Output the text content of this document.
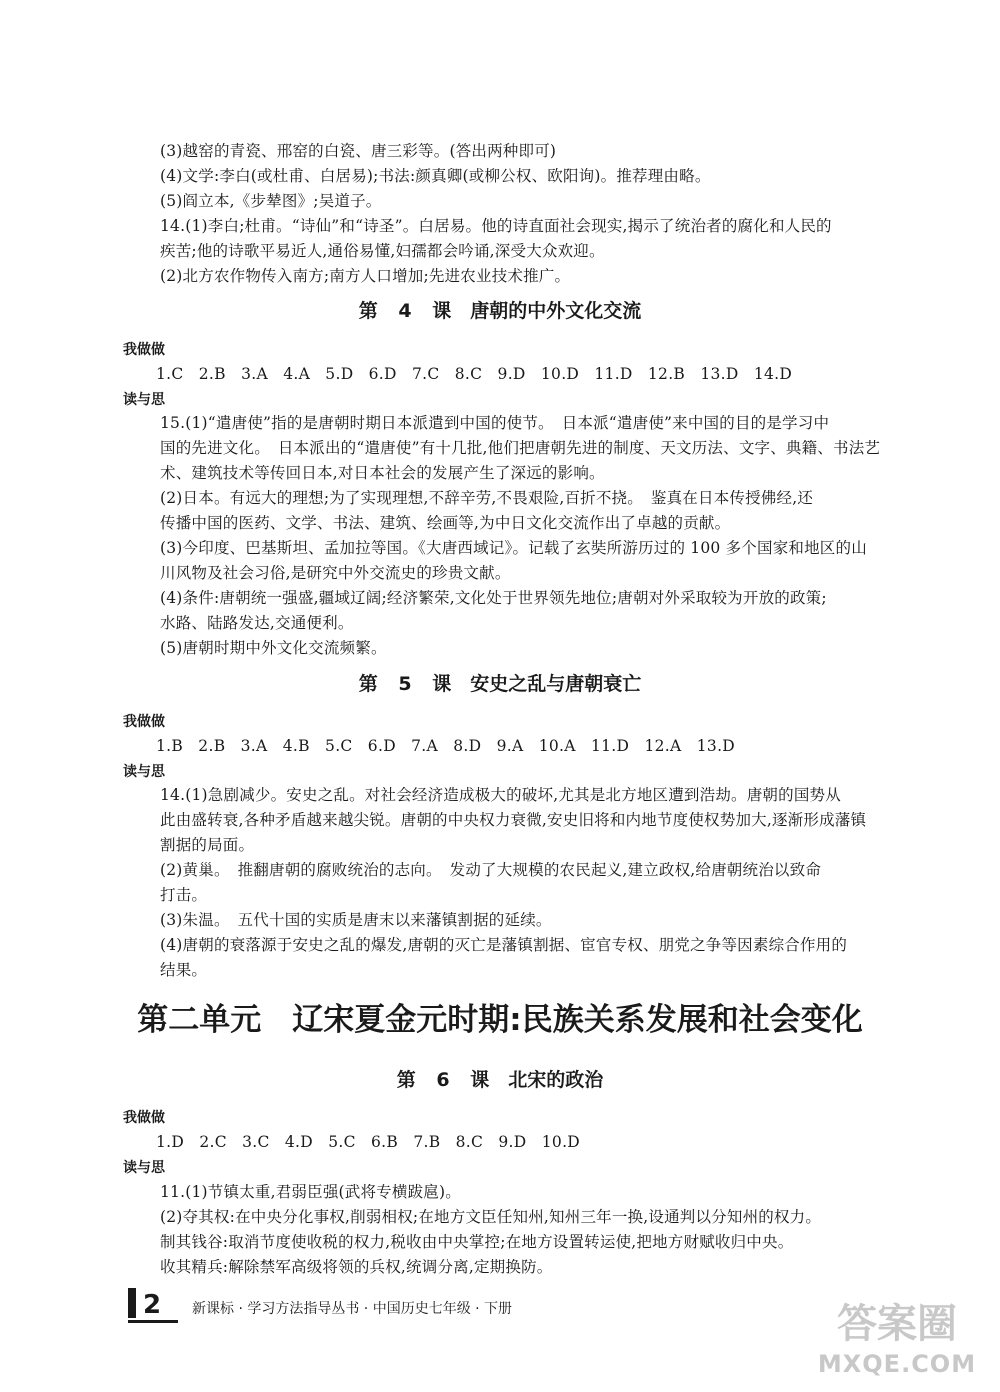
(3)越窑的青瓷、邢窑的白瓷、唐三彩等。(答出两种即可)
(4)文学:李白(或杜甫、白居易);书法:颜真卿(或柳公权、欧阳询)。推荐理由略。
(5)阎立本,《步辇图》;吴道子。
14.(1)李白;杜甫。“诗仙”和“诗圣”。白居易。他的诗直面社会现实,揭示了统治者的腐化和人民的
疾苦;他的诗歌平易近人,通俗易懂,妇孺都会吟诵,深受大众欢迎。
(2)北方农作物传入南方;南方人口增加;先进农业技术推广。
第 4 课　唐朝的中外文化交流
我做做
1.C 2.B 3.A 4.A 5.D 6.D 7.C 8.C 9.D 10.D 11.D 12.B 13.D 14.D
读与思
15.(1)“遣唐使”指的是唐朝时期日本派遣到中国的使节。　日本派“遣唐使”来中国的目的是学习中
国的先进文化。　日本派出的“遣唐使”有十几批,他们把唐朝先进的制度、天文历法、文字、典籍、书法艺
术、建筑技术等传回日本,对日本社会的发展产生了深远的影响。
(2)日本。有远大的理想;为了实现理想,不辞辛劳,不畏艰险,百折不挠。　鉴真在日本传授佛经,还
传播中国的医药、文学、书法、建筑、绘画等,为中日文化交流作出了卓越的贡献。
(3)今印度、巴基斯坦、孟加拉等国。《大唐西域记》。记载了玄奘所游历过的 100 多个国家和地区的山
川风物及社会习俗,是研究中外交流史的珍贵文献。
(4)条件:唐朝统一强盛,疆域辽阔;经济繁荣,文化处于世界领先地位;唐朝对外采取较为开放的政策;
水路、陆路发达,交通便利。
(5)唐朝时期中外文化交流频繁。
第 5 课　安史之乱与唐朝衰亡
我做做
1.B 2.B 3.A 4.B 5.C 6.D 7.A 8.D 9.A 10.A 11.D 12.A 13.D
读与思
14.(1)急剧减少。安史之乱。对社会经济造成极大的破坏,尤其是北方地区遭到浩劫。唐朝的国势从
此由盛转衰,各种矛盾越来越尖锐。唐朝的中央权力衰微,安史旧将和内地节度使权势加大,逐渐形成藩镇
割据的局面。
(2)黄巢。　推翻唐朝的腐败统治的志向。　发动了大规模的农民起义,建立政权,给唐朝统治以致命
打击。
(3)朱温。　五代十国的实质是唐末以来藩镇割据的延续。
(4)唐朝的衰落源于安史之乱的爆发,唐朝的灭亡是藩镇割据、宦官专权、朋党之争等因素综合作用的
结果。
第二单元　辽宋夏金元时期:民族关系发展和社会变化
第 6 课　北宋的政治
我做做
1.D 2.C 3.C 4.D 5.C 6.B 7.B 8.C 9.D 10.D
读与思
11.(1)节镇太重,君弱臣强(武将专横跋扈)。
(2)夺其权:在中央分化事权,削弱相权;在地方文臣任知州,知州三年一换,设通判以分知州的权力。
制其钱谷:取消节度使收税的权力,税收由中央掌控;在地方设置转运使,把地方财赋收归中央。
收其精兵:解除禁军高级将领的兵权,统调分离,定期换防。
2 新课标 · 学习方法指导丛书 · 中国历史七年级 · 下册	答案圈
MXQE.COM
